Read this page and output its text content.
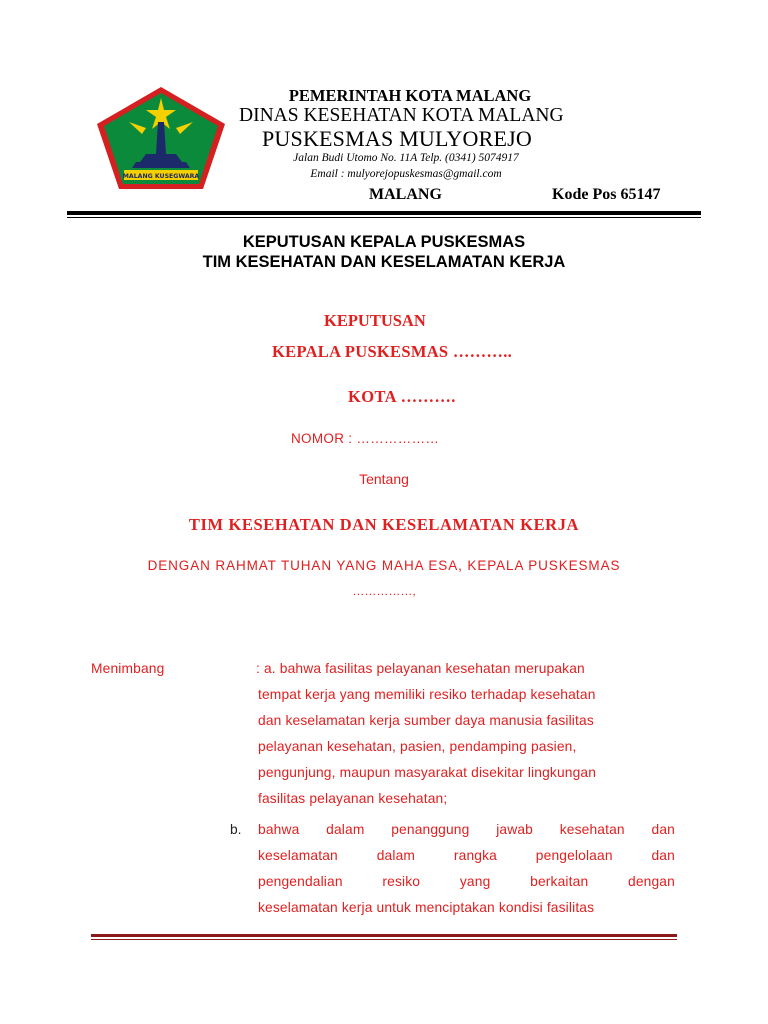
MALANG KUSEGWARA
PEMERINTAH KOTA MALANG
DINAS KESEHATAN KOTA MALANG
PUSKESMAS MULYOREJO
Jalan Budi Utomo No. 11A Telp. (0341) 5074917
Email : mulyorejopuskesmas@gmail.com
MALANG	Kode Pos 65147
KEPUTUSAN KEPALA PUSKESMAS
TIM KESEHATAN DAN KESELAMATAN KERJA
KEPUTUSAN
KEPALA PUSKESMAS ………..
KOTA ……….
NOMOR : ………………
Tentang
TIM KESEHATAN DAN KESELAMATAN KERJA
DENGAN RAHMAT TUHAN YANG MAHA ESA, KEPALA PUSKESMAS
……………,
Menimbang	: a. bahwa fasilitas pelayanan kesehatan merupakan
tempat kerja yang memiliki resiko terhadap kesehatan
dan keselamatan kerja sumber daya manusia fasilitas
pelayanan kesehatan, pasien, pendamping pasien,
pengunjung, maupun masyarakat disekitar lingkungan
fasilitas pelayanan kesehatan;
b. bahwa dalam penanggung jawab kesehatan dan
keselamatan	dalam	rangka	pengelolaan	dan
pengendalian	resiko	yang	berkaitan	dengan
keselamatan kerja untuk menciptakan kondisi fasilitas
